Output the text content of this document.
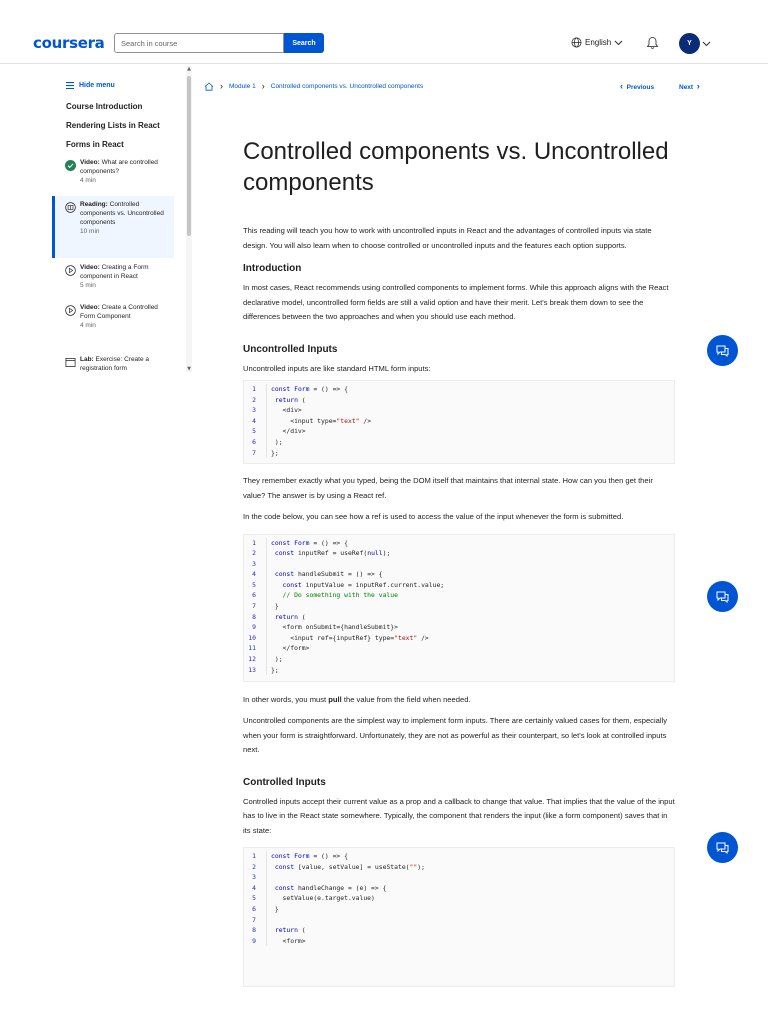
coursera
Search in course	Search	English	Y
Hide menu
Course Introduction
Rendering Lists in React
Forms in React
Video: What are controlled components?
4 min
Reading: Controlled components vs. Uncontrolled components
10 min
Video: Creating a Form component in React
5 min
Video: Create a Controlled Form Component
4 min
Lab: Exercise: Create a registration form
▲
▼
› Module 1 › Controlled components vs. Uncontrolled components	‹ Previous	Next ›
Controlled components vs. Uncontrolled components

This reading will teach you how to work with uncontrolled inputs in React and the advantages of controlled inputs via state design. You will also learn when to choose controlled or uncontrolled inputs and the features each option supports.

Introduction

In most cases, React recommends using controlled components to implement forms. While this approach aligns with the React declarative model, uncontrolled form fields are still a valid option and have their merit. Let's break them down to see the differences between the two approaches and when you should use each method.

Uncontrolled Inputs

Uncontrolled inputs are like standard HTML form inputs:

1	const Form = () => {
2	return (
3	<div>
4	<input type="text" />
5	</div>
6	);
7	};

They remember exactly what you typed, being the DOM itself that maintains that internal state. How can you then get their value? The answer is by using a React ref.

In the code below, you can see how a ref is used to access the value of the input whenever the form is submitted.

1	const Form = () => {
2	const inputRef = useRef(null);
3

4	const handleSubmit = () => {
5	const inputValue = inputRef.current.value;
6	// Do something with the value
7	}
8	return (
9	<form onSubmit={handleSubmit}>
10	<input ref={inputRef} type="text" />
11	</form>
12	);
13	};

In other words, you must pull the value from the field when needed.

Uncontrolled components are the simplest way to implement form inputs. There are certainly valued cases for them, especially when your form is straightforward. Unfortunately, they are not as powerful as their counterpart, so let's look at controlled inputs next.

Controlled Inputs

Controlled inputs accept their current value as a prop and a callback to change that value. That implies that the value of the input has to live in the React state somewhere. Typically, the component that renders the input (like a form component) saves that in its state:

1	const Form = () => {
2	const [value, setValue] = useState("");
3

4	const handleChange = (e) => {
5	setValue(e.target.value)
6	}
7

8	return (
9	<form>
